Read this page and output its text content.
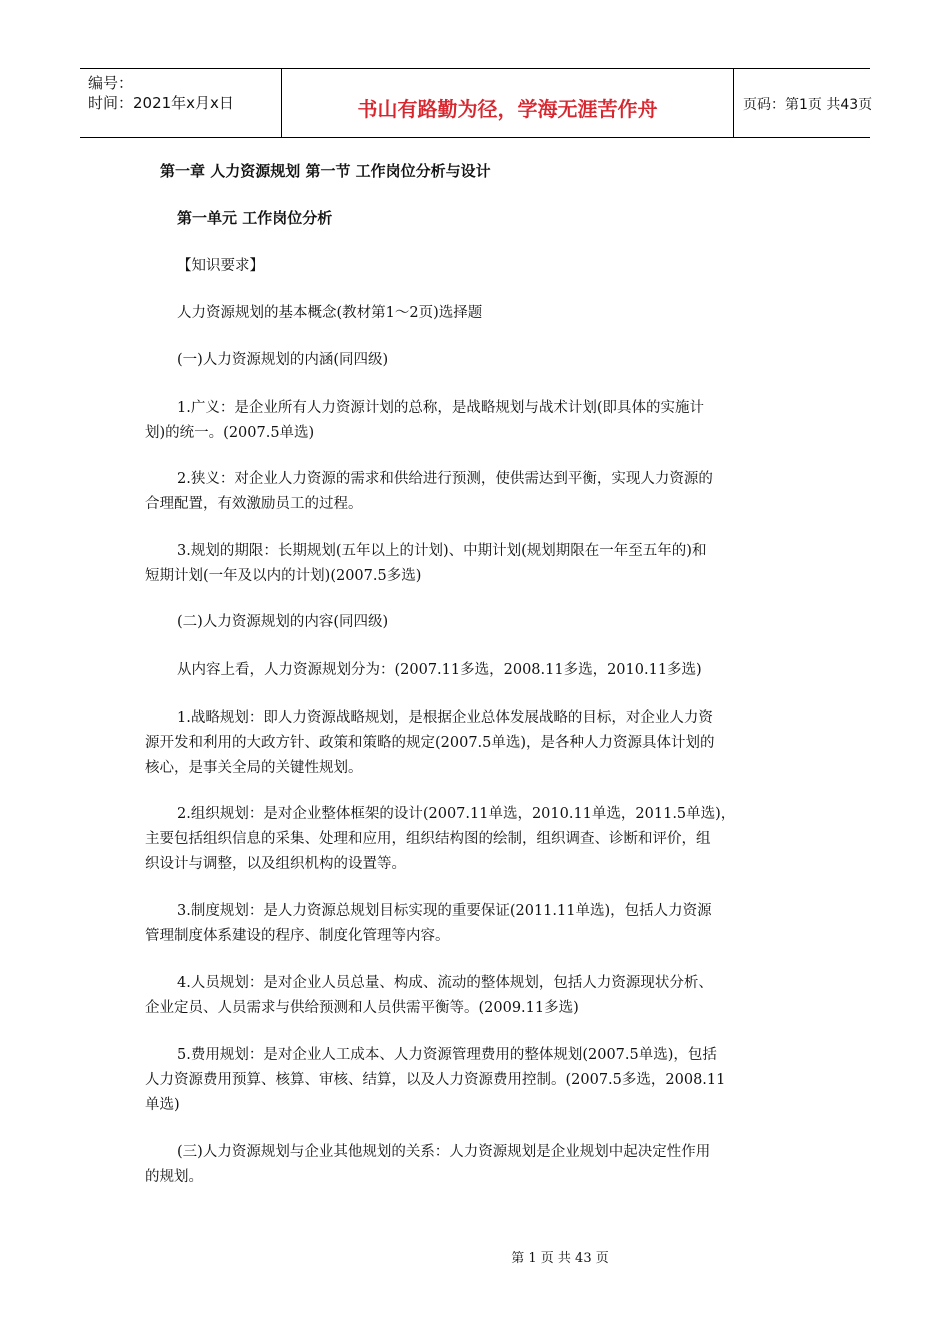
编号：
时间：2021年x月x日	书山有路勤为径，学海无涯苦作舟	页码：第1页 共43页
第一章 人力资源规划 第一节 工作岗位分析与设计
第一单元 工作岗位分析
【知识要求】
人力资源规划的基本概念(教材第1～2页)选择题
(一)人力资源规划的内涵(同四级)
1.广义：是企业所有人力资源计划的总称，是战略规划与战术计划(即具体的实施计
划)的统一。(2007.5单选)
2.狭义：对企业人力资源的需求和供给进行预测，使供需达到平衡，实现人力资源的
合理配置，有效激励员工的过程。
3.规划的期限：长期规划(五年以上的计划)、中期计划(规划期限在一年至五年的)和
短期计划(一年及以内的计划)(2007.5多选)
(二)人力资源规划的内容(同四级)
从内容上看，人力资源规划分为：(2007.11多选，2008.11多选，2010.11多选)
1.战略规划：即人力资源战略规划，是根据企业总体发展战略的目标，对企业人力资
源开发和利用的大政方针、政策和策略的规定(2007.5单选)，是各种人力资源具体计划的
核心，是事关全局的关键性规划。
2.组织规划：是对企业整体框架的设计(2007.11单选，2010.11单选，2011.5单选)，
主要包括组织信息的采集、处理和应用，组织结构图的绘制，组织调查、诊断和评价，组
织设计与调整，以及组织机构的设置等。
3.制度规划：是人力资源总规划目标实现的重要保证(2011.11单选)，包括人力资源
管理制度体系建设的程序、制度化管理等内容。
4.人员规划：是对企业人员总量、构成、流动的整体规划，包括人力资源现状分析、
企业定员、人员需求与供给预测和人员供需平衡等。(2009.11多选)
5.费用规划：是对企业人工成本、人力资源管理费用的整体规划(2007.5单选)，包括
人力资源费用预算、核算、审核、结算，以及人力资源费用控制。(2007.5多选，2008.11
单选)
(三)人力资源规划与企业其他规划的关系：人力资源规划是企业规划中起决定性作用
的规划。
第 1 页 共 43 页
